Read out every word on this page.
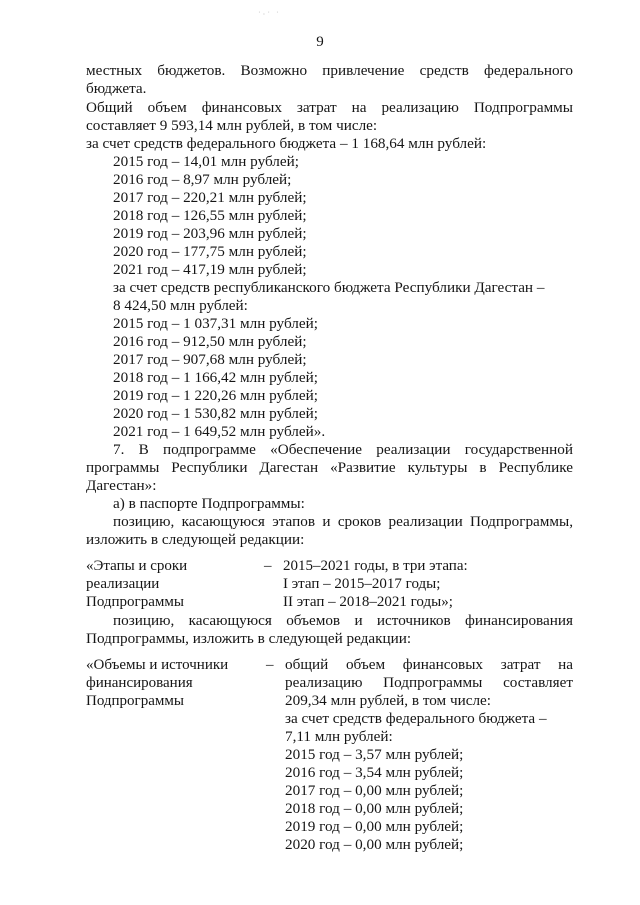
˙·˙ ˙
9
местных бюджетов. Возможно привлечение средств федерального
бюджета.
Общий объем финансовых затрат на реализацию Подпрограммы
составляет 9 593,14 млн рублей, в том числе:
за счет средств федерального бюджета – 1 168,64 млн рублей:
2015 год – 14,01 млн рублей;
2016 год – 8,97 млн рублей;
2017 год – 220,21 млн рублей;
2018 год – 126,55 млн рублей;
2019 год – 203,96 млн рублей;
2020 год – 177,75 млн рублей;
2021 год – 417,19 млн рублей;
за счет средств республиканского бюджета Республики Дагестан –
8 424,50 млн рублей:
2015 год – 1 037,31 млн рублей;
2016 год – 912,50 млн рублей;
2017 год – 907,68 млн рублей;
2018 год – 1 166,42 млн рублей;
2019 год – 1 220,26 млн рублей;
2020 год – 1 530,82 млн рублей;
2021 год – 1 649,52 млн рублей».
7. В подпрограмме «Обеспечение реализации государственной
программы Республики Дагестан «Развитие культуры в Республике
Дагестан»:
а) в паспорте Подпрограммы:
позицию, касающуюся этапов и сроков реализации Подпрограммы,
изложить в следующей редакции:
«Этапы и сроки
реализации
Подпрограммы
– 2015–2021 годы, в три этапа:
I этап – 2015–2017 годы;
II этап – 2018–2021 годы»;
позицию, касающуюся объемов и источников финансирования
Подпрограммы, изложить в следующей редакции:
«Объемы и источники
финансирования
Подпрограммы
– общий объем финансовых затрат на
реализацию Подпрограммы составляет
209,34 млн рублей, в том числе:
за счет средств федерального бюджета –
7,11 млн рублей:
2015 год – 3,57 млн рублей;
2016 год – 3,54 млн рублей;
2017 год – 0,00 млн рублей;
2018 год – 0,00 млн рублей;
2019 год – 0,00 млн рублей;
2020 год – 0,00 млн рублей;
